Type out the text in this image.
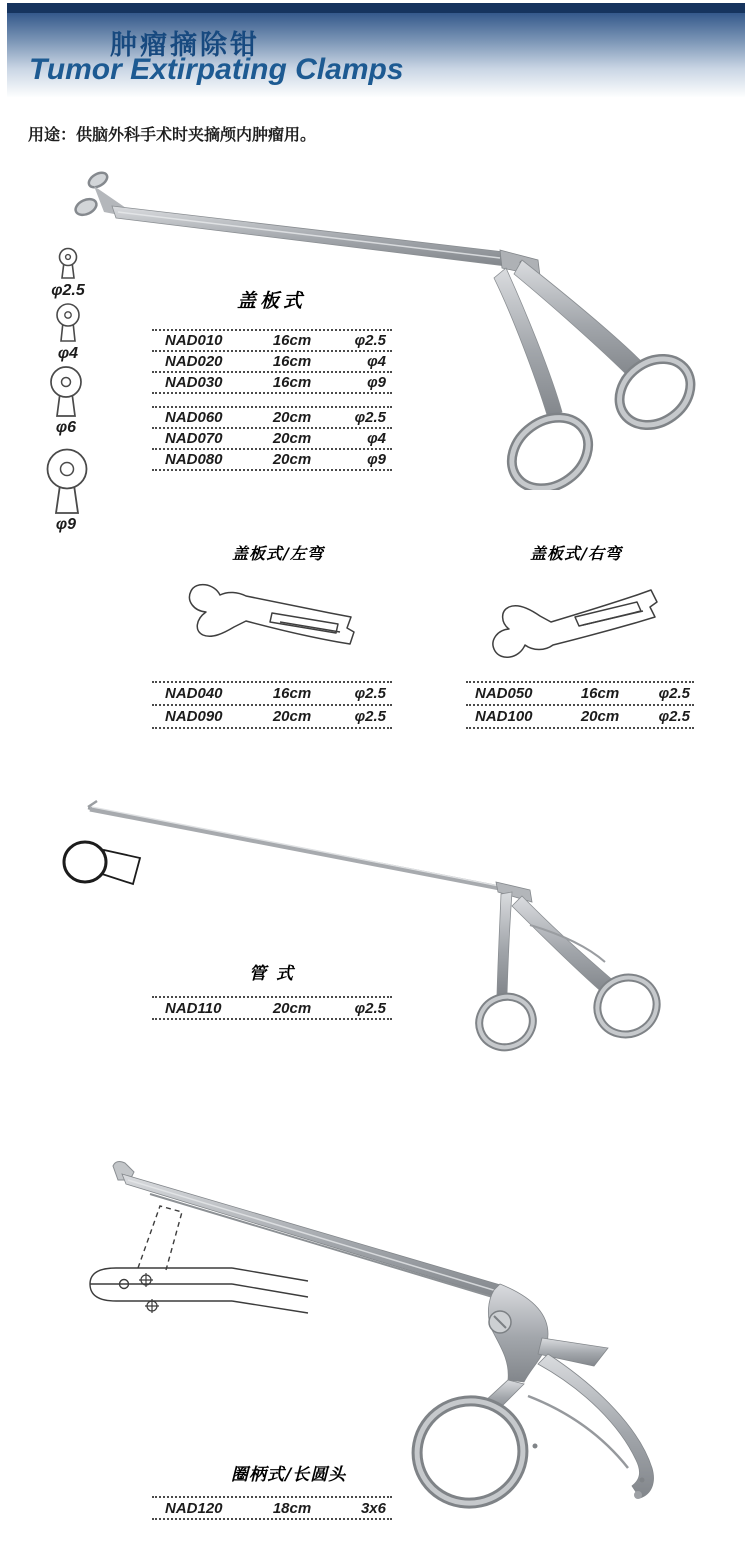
肿瘤摘除钳
Tumor Extirpating Clamps
用途：供脑外科手术时夹摘颅内肿瘤用。
φ2.5
φ4
φ6
φ9
盖板式
盖板式/左弯	盖板式/右弯
管式
圈柄式/长圆头
NAD010	16cm	φ2.5
NAD020	16cm	φ4
NAD030	16cm	φ9
NAD060	20cm	φ2.5
NAD070	20cm	φ4
NAD080	20cm	φ9
NAD040	16cm	φ2.5
NAD090	20cm	φ2.5
NAD050	16cm	φ2.5
NAD100	20cm	φ2.5
NAD110	20cm	φ2.5
NAD120	18cm	3x6
